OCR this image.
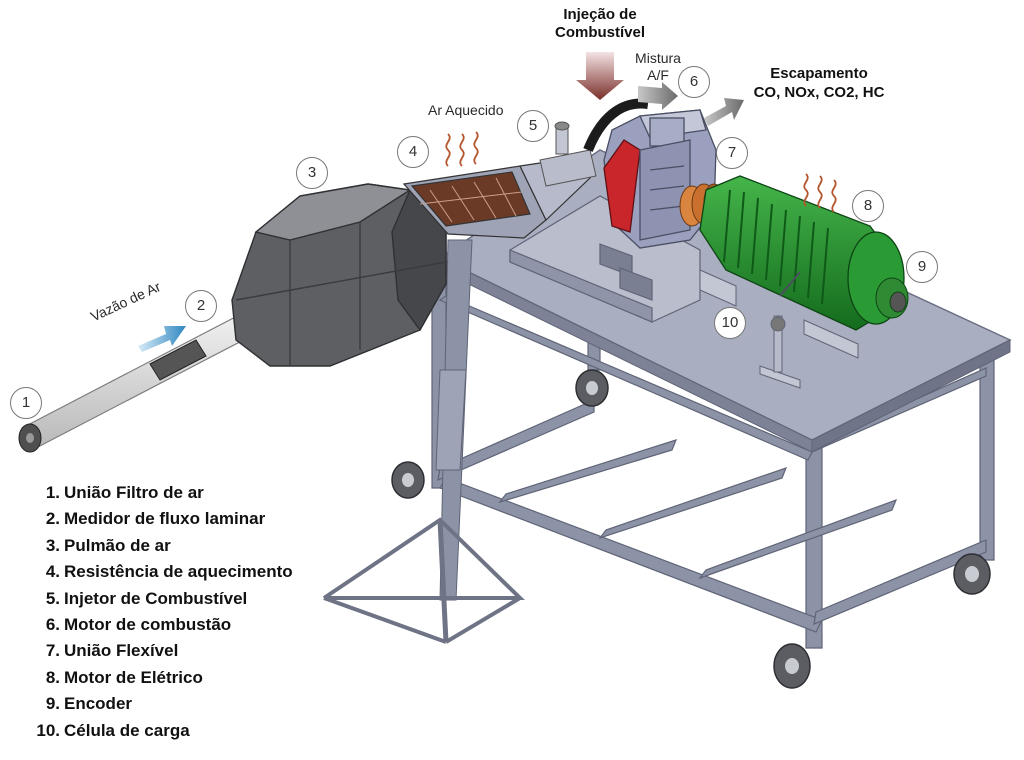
Injeção de
Combustível
Mistura
A/F	Escapamento
CO, NOx, CO2, HC
Ar Aquecido
Vazão de Ar
1
2
3
4
5
6
7
8
9
10
1. União Filtro de ar
2. Medidor de fluxo laminar
3. Pulmão de ar
4. Resistência de aquecimento
5. Injetor de Combustível
6. Motor de combustão
7. União Flexível
8. Motor de Elétrico
9. Encoder
10. Célula de carga
